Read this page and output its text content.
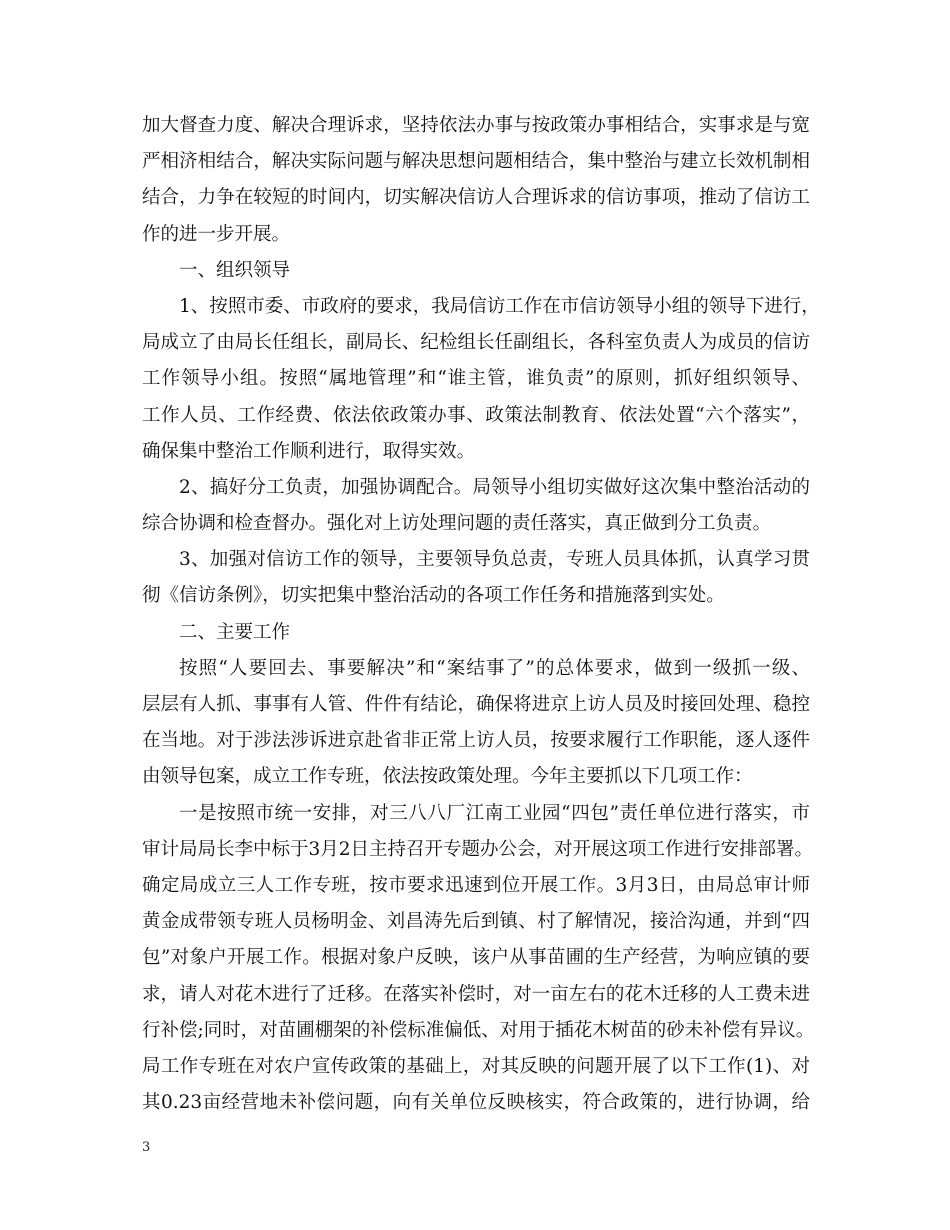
加大督查力度、解决合理诉求，坚持依法办事与按政策办事相结合，实事求是与宽
严相济相结合，解决实际问题与解决思想问题相结合，集中整治与建立长效机制相
结合，力争在较短的时间内，切实解决信访人合理诉求的信访事项，推动了信访工
作的进一步开展。
一、组织领导
1、按照市委、市政府的要求，我局信访工作在市信访领导小组的领导下进行，
局成立了由局长任组长，副局长、纪检组长任副组长，各科室负责人为成员的信访
工作领导小组。按照“属地管理”和“谁主管，谁负责”的原则，抓好组织领导、
工作人员、工作经费、依法依政策办事、政策法制教育、依法处置“六个落实”，
确保集中整治工作顺利进行，取得实效。
2、搞好分工负责，加强协调配合。局领导小组切实做好这次集中整治活动的
综合协调和检查督办。强化对上访处理问题的责任落实，真正做到分工负责。
3、加强对信访工作的领导，主要领导负总责，专班人员具体抓，认真学习贯
彻《信访条例》，切实把集中整治活动的各项工作任务和措施落到实处。
二、主要工作
按照“人要回去、事要解决”和“案结事了”的总体要求，做到一级抓一级、
层层有人抓、事事有人管、件件有结论，确保将进京上访人员及时接回处理、稳控
在当地。对于涉法涉诉进京赴省非正常上访人员，按要求履行工作职能，逐人逐件
由领导包案，成立工作专班，依法按政策处理。今年主要抓以下几项工作：
一是按照市统一安排，对三八八厂江南工业园“四包”责任单位进行落实，市
审计局局长李中标于3月2日主持召开专题办公会，对开展这项工作进行安排部署。
确定局成立三人工作专班，按市要求迅速到位开展工作。3月3日，由局总审计师
黄金成带领专班人员杨明金、刘昌涛先后到镇、村了解情况，接洽沟通，并到“四
包”对象户开展工作。根据对象户反映，该户从事苗圃的生产经营，为响应镇的要
求，请人对花木进行了迁移。在落实补偿时，对一亩左右的花木迁移的人工费未进
行补偿;同时，对苗圃棚架的补偿标准偏低、对用于插花木树苗的砂未补偿有异议。
局工作专班在对农户宣传政策的基础上，对其反映的问题开展了以下工作(1)、对
其0.23亩经营地未补偿问题，向有关单位反映核实，符合政策的，进行协调，给
3
